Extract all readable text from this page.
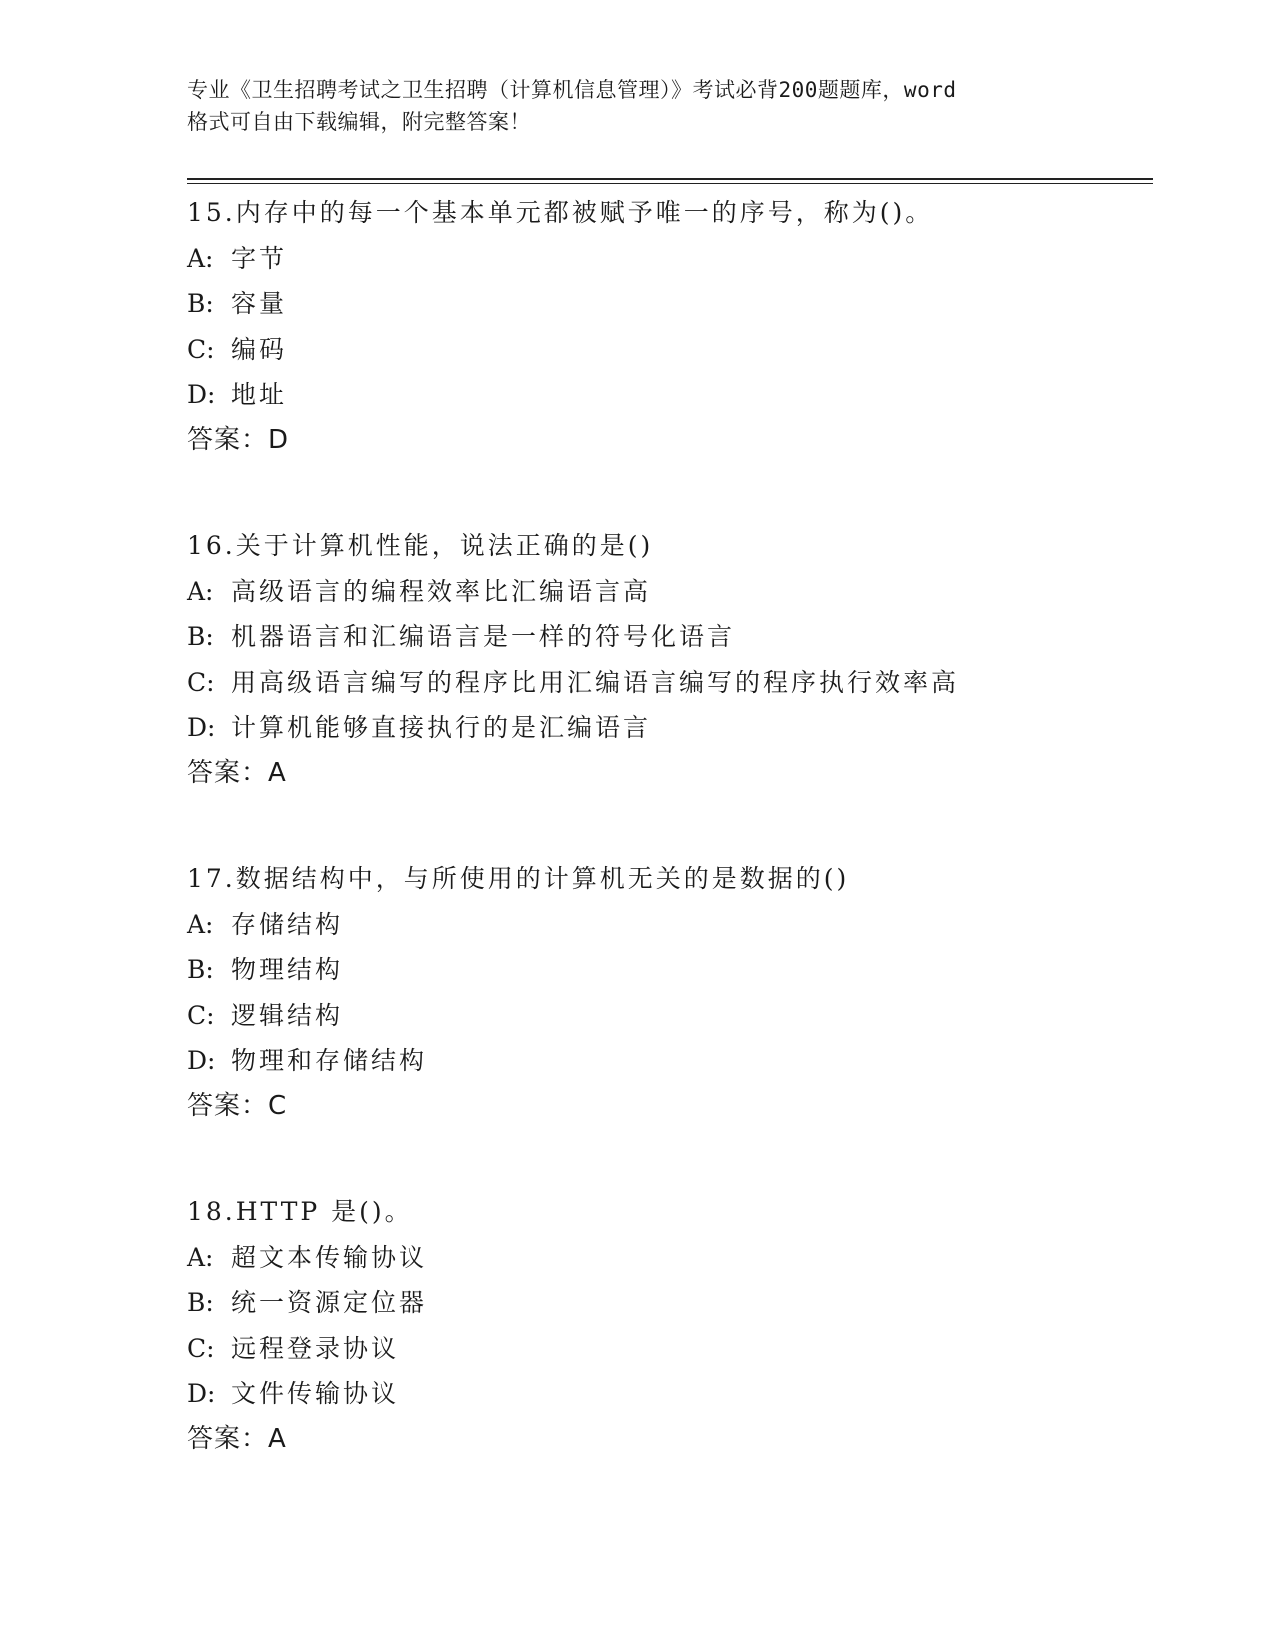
专业《卫生招聘考试之卫生招聘（计算机信息管理）》考试必背200题题库，word
格式可自由下载编辑，附完整答案！
15.内存中的每一个基本单元都被赋予唯一的序号，称为()。
A: 字节
B: 容量
C: 编码
D: 地址
答案：D
16.关于计算机性能，说法正确的是()
A: 高级语言的编程效率比汇编语言高
B: 机器语言和汇编语言是一样的符号化语言
C: 用高级语言编写的程序比用汇编语言编写的程序执行效率高
D: 计算机能够直接执行的是汇编语言
答案：A
17.数据结构中，与所使用的计算机无关的是数据的()
A: 存储结构
B: 物理结构
C: 逻辑结构
D: 物理和存储结构
答案：C
18.HTTP 是()。
A: 超文本传输协议
B: 统一资源定位器
C: 远程登录协议
D: 文件传输协议
答案：A
